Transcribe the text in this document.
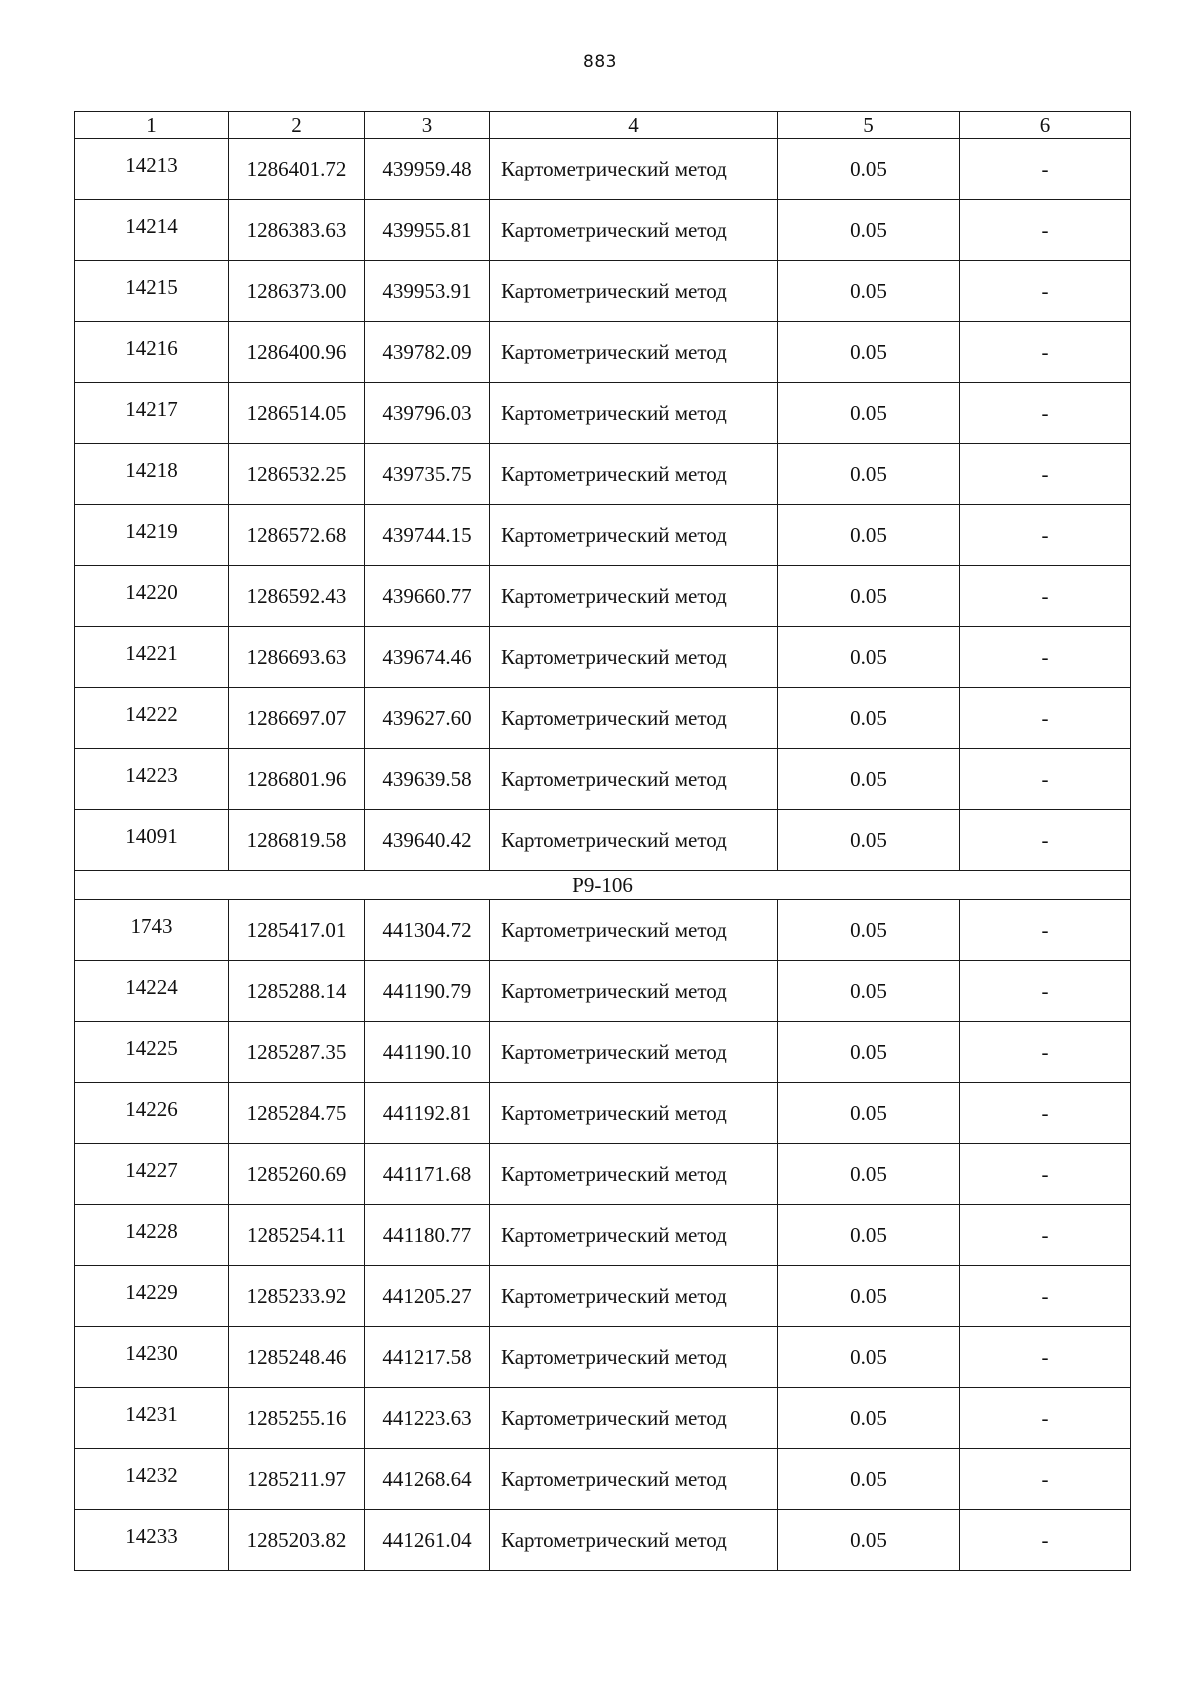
883
1	2	3	4	5	6
14213	1286401.72	439959.48	Картометрический метод	0.05	-
14214	1286383.63	439955.81	Картометрический метод	0.05	-
14215	1286373.00	439953.91	Картометрический метод	0.05	-
14216	1286400.96	439782.09	Картометрический метод	0.05	-
14217	1286514.05	439796.03	Картометрический метод	0.05	-
14218	1286532.25	439735.75	Картометрический метод	0.05	-
14219	1286572.68	439744.15	Картометрический метод	0.05	-
14220	1286592.43	439660.77	Картометрический метод	0.05	-
14221	1286693.63	439674.46	Картометрический метод	0.05	-
14222	1286697.07	439627.60	Картометрический метод	0.05	-
14223	1286801.96	439639.58	Картометрический метод	0.05	-
14091	1286819.58	439640.42	Картометрический метод	0.05	-
Р9-106					
1743	1285417.01	441304.72	Картометрический метод	0.05	-
14224	1285288.14	441190.79	Картометрический метод	0.05	-
14225	1285287.35	441190.10	Картометрический метод	0.05	-
14226	1285284.75	441192.81	Картометрический метод	0.05	-
14227	1285260.69	441171.68	Картометрический метод	0.05	-
14228	1285254.11	441180.77	Картометрический метод	0.05	-
14229	1285233.92	441205.27	Картометрический метод	0.05	-
14230	1285248.46	441217.58	Картометрический метод	0.05	-
14231	1285255.16	441223.63	Картометрический метод	0.05	-
14232	1285211.97	441268.64	Картометрический метод	0.05	-
14233	1285203.82	441261.04	Картометрический метод	0.05	-
